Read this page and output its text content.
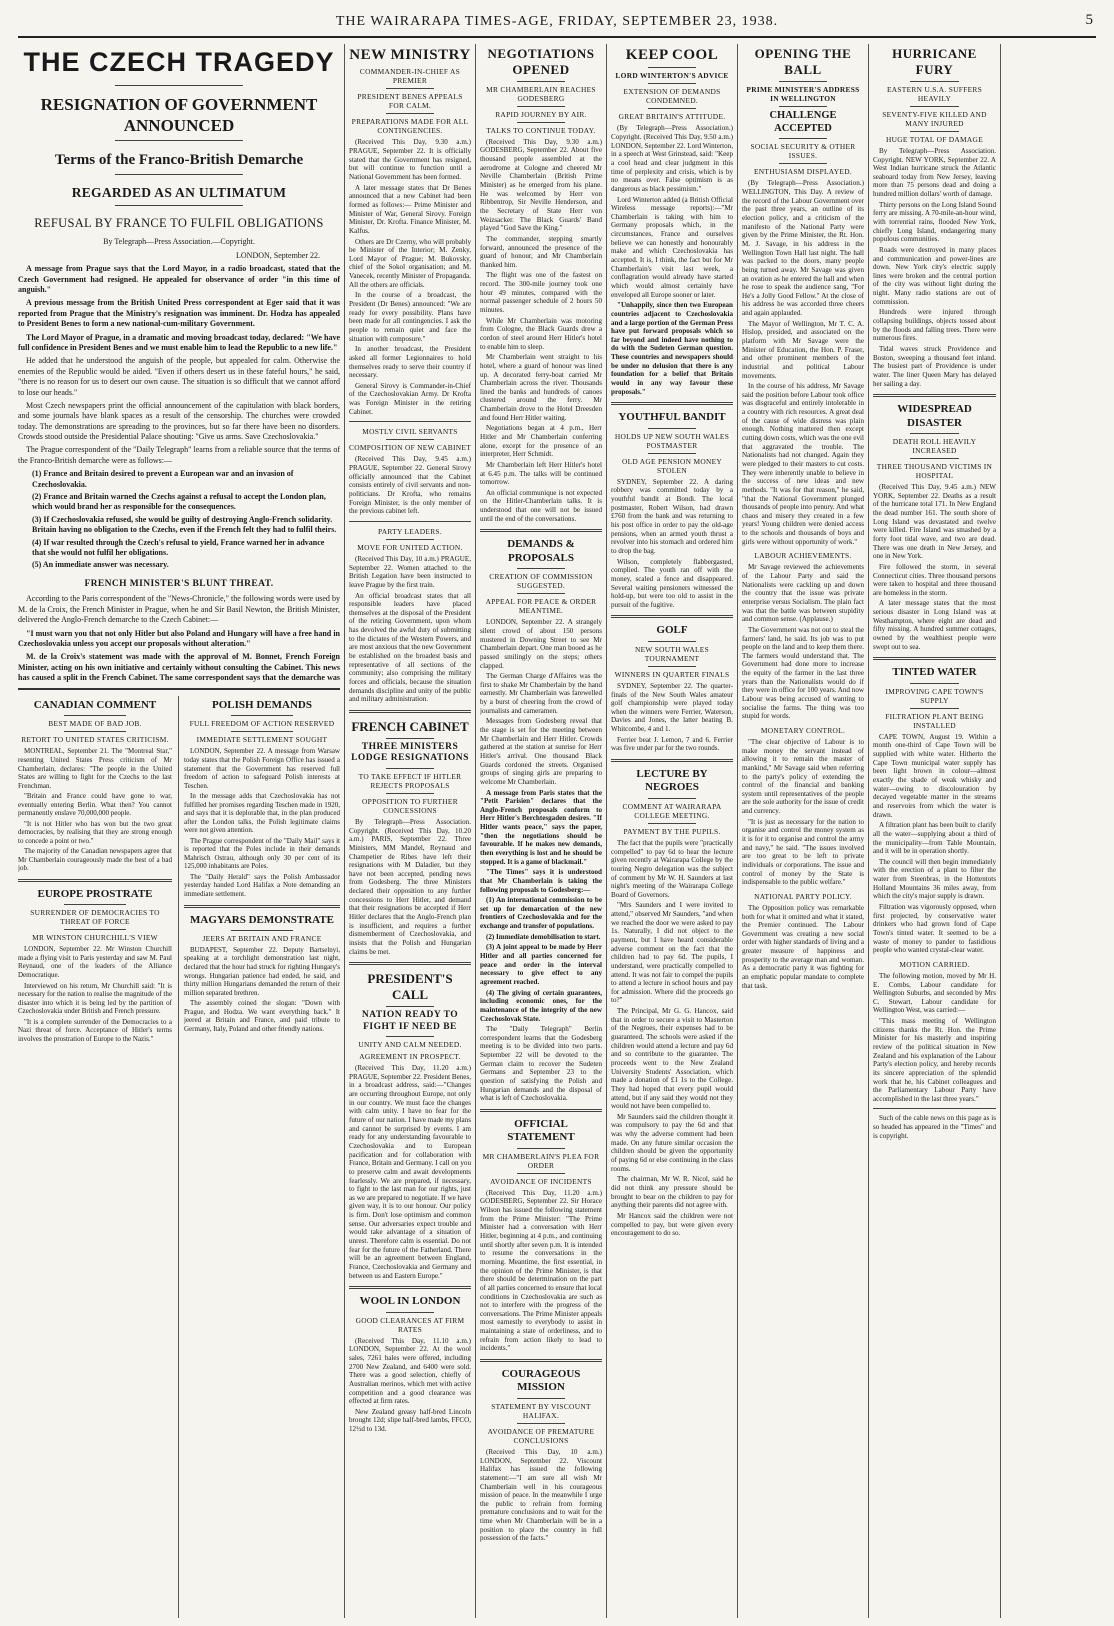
THE WAIRARAPA TIMES-AGE, FRIDAY, SEPTEMBER 23, 1938.	5
THE CZECH TRAGEDY
RESIGNATION OF GOVERNMENT ANNOUNCED
Terms of the Franco-British Demarche
REGARDED AS AN ULTIMATUM
REFUSAL BY FRANCE TO FULFIL OBLIGATIONS

By Telegraph—Press Association.—Copyright.

LONDON, September 22.

A message from Prague says that the Lord Mayor, in a radio broadcast, stated that the Czech Government had resigned. He appealed for observance of order "in this time of anguish."

A previous message from the British United Press correspondent at Eger said that it was reported from Prague that the Ministry's resignation was imminent. Dr. Hodza has appealed to President Benes to form a new national-cum-military Government.

The Lord Mayor of Prague, in a dramatic and moving broadcast today, declared: "We have full confidence in President Benes and we must enable him to lead the Republic to a new life."

He added that he understood the anguish of the people, but appealed for calm. Otherwise the enemies of the Republic would be aided. "Even if others desert us in these fateful hours," he said, "there is no reason for us to desert our own cause. The situation is so difficult that we cannot afford to lose our heads."

Most Czech newspapers print the official announcement of the capitulation with black borders, and some journals have blank spaces as a result of the censorship. The churches were crowded today. The demonstrations are spreading to the provinces, but so far there have been no disorders. Crowds stood outside the Presidential Palace shouting: "Give us arms. Save Czechoslovakia."

The Prague correspondent of the "Daily Telegraph" learns from a reliable source that the terms of the Franco-British demarche were as follows:—

(1) France and Britain desired to prevent a European war and an invasion of Czechoslovakia.
(2) France and Britain warned the Czechs against a refusal to accept the London plan, which would brand her as responsible for the consequences.
(3) If Czechoslovakia refused, she would be guilty of destroying Anglo-French solidarity. Britain having no obligation to the Czechs, even if the French felt they had to fulfil theirs.
(4) If war resulted through the Czech's refusal to yield, France warned her in advance that she would not fulfil her obligations.
(5) An immediate answer was necessary.
FRENCH MINISTER'S BLUNT THREAT.

According to the Paris correspondent of the "News-Chronicle," the following words were used by M. de la Croix, the French Minister in Prague, when he and Sir Basil Newton, the British Minister, delivered the Anglo-French demarche to the Czech Cabinet:—

"I must warn you that not only Hitler but also Poland and Hungary will have a free hand in Czechoslovakia unless you accept our proposals without alteration."

M. de la Croix's statement was made with the approval of M. Bonnet, French Foreign Minister, acting on his own initiative and certainly without consulting the Cabinet. This news has caused a split in the French Cabinet. The same correspondent says that the demarche was

CANADIAN COMMENT
BEST MADE OF BAD JOB.
RETORT TO UNITED STATES CRITICISM.

MONTREAL, September 21. The "Montreal Star," resenting United States Press criticism of Mr Chamberlain, declares: "The people in the United States are willing to fight for the Czechs to the last Frenchman.

"Britain and France could have gone to war, eventually entering Berlin. What then? You cannot permanently enslave 70,000,000 people.

"It is not Hitler who has won but the two great democracies, by realising that they are strong enough to concede a point or two."

The majority of the Canadian newspapers agree that Mr Chamberlain courageously made the best of a bad job.

EUROPE PROSTRATE
SURRENDER OF DEMOCRACIES TO THREAT OF FORCE
MR WINSTON CHURCHILL'S VIEW

LONDON, September 22. Mr Winston Churchill made a flying visit to Paris yesterday and saw M. Paul Reynaud, one of the leaders of the Alliance Democratique.

Interviewed on his return, Mr Churchill said: "It is necessary for the nation to realise the magnitude of the disaster into which it is being led by the partition of Czechoslovakia under British and French pressure.

"It is a complete surrender of the Democracies to a Nazi threat of force. Acceptance of Hitler's terms involves the prostration of Europe to the Nazis."

POLISH DEMANDS
FULL FREEDOM OF ACTION RESERVED
IMMEDIATE SETTLEMENT SOUGHT

LONDON, September 22. A message from Warsaw today states that the Polish Foreign Office has issued a statement that the Government has reserved full freedom of action to safeguard Polish interests at Teschen.

In the message adds that Czechoslovakia has not fulfilled her promises regarding Teschen made in 1920, and says that it is deplorable that, in the plan produced after the London talks, the Polish legitimate claims were not given attention.

The Prague correspondent of the "Daily Mail" says it is reported that the Poles include in their demands Mahrisch Ostrau, although only 30 per cent of its 125,000 inhabitants are Poles.

The "Daily Herald" says the Polish Ambassador yesterday handed Lord Halifax a Note demanding an immediate settlement.

MAGYARS DEMONSTRATE
JEERS AT BRITAIN AND FRANCE

BUDAPEST, September 22. Deputy Bartselnyi, speaking at a torchlight demonstration last night, declared that the hour had struck for righting Hungary's wrongs. Hungarian patience had ended, he said, and thirty million Hungarians demanded the return of their million separated brethren.

The assembly coined the slogan: "Down with Prague, and Hodza. We want everything back." It jeered at Britain and France, and paid tribute to Germany, Italy, Poland and other friendly nations.

NEW MINISTRY
COMMANDER-IN-CHIEF AS PREMIER
PRESIDENT BENES APPEALS FOR CALM.
PREPARATIONS MADE FOR ALL CONTINGENCIES.

(Received This Day, 9.30 a.m.) PRAGUE, September 22. It is officially stated that the Government has resigned, but will continue to function until a National Government has been formed.

A later message states that Dr Benes announced that a new Cabinet had been formed as follows:— Prime Minister and Minister of War, General Sirovy. Foreign Minister, Dr. Krofta. Finance Minister, M. Kalfus.

Others are Dr Czerny, who will probably be Minister of the Interior; M. Zenky, Lord Mayor of Prague; M. Bukovsky, chief of the Sokol organisation; and M. Vanecek, recently Minister of Propaganda. All the others are officials.

In the course of a broadcast, the President (Dr Benes) announced: "We are ready for every possibility. Plans have been made for all contingencies. I ask the people to remain quiet and face the situation with composure."

In another broadcast, the President asked all former Legionnaires to hold themselves ready to serve their country if necessary.

General Sirovy is Commander-in-Chief of the Czechoslovakian Army. Dr Krofta was Foreign Minister in the retiring Cabinet.

MOSTLY CIVIL SERVANTS
COMPOSITION OF NEW CABINET

(Received This Day, 9.45 a.m.) PRAGUE, September 22. General Sirovy officially announced that the Cabinet consists entirely of civil servants and non-politicians. Dr Krofta, who remains Foreign Minister, is the only member of the previous cabinet left.

PARTY LEADERS.
MOVE FOR UNITED ACTION.

(Received This Day, 10 a.m.) PRAGUE, September 22. Women attached to the British Legation have been instructed to leave Prague by the first train.

An official broadcast states that all responsible leaders have placed themselves at the disposal of the President of the retiring Government, upon whom has devolved the awful duty of submitting to the dictates of the Western Powers, and are most anxious that the new Government be established on the broadest basis and representative of all sections of the community; also comprising the military forces and officials, because the situation demands discipline and unity of the public and military administration.

FRENCH CABINET
THREE MINISTERS LODGE RESIGNATIONS
TO TAKE EFFECT IF HITLER REJECTS PROPOSALS
OPPOSITION TO FURTHER CONCESSIONS

By Telegraph—Press Association. Copyright. (Received This Day, 10.20 a.m.) PARIS, September 22. Three Ministers, MM Mandel, Reynaud and Champetier de Ribes have left their resignations with M Daladier, but they have not been accepted, pending news from Godesberg. The three Ministers declared their opposition to any further concessions to Herr Hitler, and demand that their resignations be accepted if Herr Hitler declares that the Anglo-French plan is insufficient, and requires a further dismemberment of Czechoslovakia, and insists that the Polish and Hungarian claims be met.

PRESIDENT'S CALL
NATION READY TO FIGHT IF NEED BE
UNITY AND CALM NEEDED.
AGREEMENT IN PROSPECT.

(Received This Day, 11.20 a.m.) PRAGUE, September 22. President Benes, in a broadcast address, said:—"Changes are occurring throughout Europe, not only in our country. We must face the changes with calm unity. I have no fear for the future of our nation. I have made my plans and cannot be surprised by events. I am ready for any understanding favourable to Czechoslovakia and to European pacification and for collaboration with France, Britain and Germany. I call on you to preserve calm and await developments fearlessly. We are prepared, if necessary, to fight to the last man for our rights, just as we are prepared to negotiate. If we have given way, it is to our honour. Our policy is firm. Don't lose optimism and common sense. Our adversaries expect trouble and would take advantage of a situation of unrest. Therefore calm is essential. Do not fear for the future of the Fatherland. There will be an agreement between England, France, Czechoslovakia and Germany and between us and Eastern Europe."

WOOL IN LONDON
GOOD CLEARANCES AT FIRM RATES

(Received This Day, 11.10 a.m.) LONDON, September 22. At the wool sales, 7261 bales were offered, including 2700 New Zealand, and 6400 were sold. There was a good selection, chiefly of Australian merinos, which met with active competition and a good clearance was effected at firm rates.

New Zealand greasy half-bred Lincoln brought 12d; slipe half-bred lambs, FFCO, 12½d to 13d.

NEGOTIATIONS OPENED
MR CHAMBERLAIN REACHES GODESBERG
RAPID JOURNEY BY AIR.
TALKS TO CONTINUE TODAY.

(Received This Day, 9.30 a.m.) GODESBERG, September 22. About five thousand people assembled at the aerodrome at Cologne and cheered Mr Neville Chamberlain (British Prime Minister) as he emerged from his plane. He was welcomed by Herr von Ribbentrop, Sir Neville Henderson, and the Secretary of State Herr von Weizsacker. The Black Guards' Band played "God Save the King."

The commander, stepping smartly forward, announced the presence of the guard of honour, and Mr Chamberlain thanked him.

The flight was one of the fastest on record. The 300-mile journey took one hour 49 minutes, compared with the normal passenger schedule of 2 hours 50 minutes.

While Mr Chamberlain was motoring from Cologne, the Black Guards drew a cordon of steel around Herr Hitler's hotel to enable him to sleep.

Mr Chamberlain went straight to his hotel, where a guard of honour was lined up. A decorated ferry-boat carried Mr Chamberlain across the river. Thousands lined the banks and hundreds of canoes clustered around the ferry. Mr Chamberlain drove to the Hotel Dreesden and found Herr Hitler waiting.

Negotiations began at 4 p.m., Herr Hitler and Mr Chamberlain conferring alone, except for the presence of an interpreter, Herr Schmidt.

Mr Chamberlain left Herr Hitler's hotel at 6.45 p.m. The talks will be continued tomorrow.

An official communique is not expected on the Hitler-Chamberlain talks. It is understood that one will not be issued until the end of the conversations.

DEMANDS & PROPOSALS
CREATION OF COMMISSION SUGGESTED.
APPEAL FOR PEACE & ORDER MEANTIME.

LONDON, September 22. A strangely silent crowd of about 150 persons mustered in Downing Street to see Mr Chamberlain depart. One man booed as he passed smilingly on the steps; others clapped.

The German Charge d'Affaires was the first to shake Mr Chamberlain by the hand earnestly. Mr Chamberlain was farewelled by a burst of cheering from the crowd of journalists and cameramen.

Messages from Godesberg reveal that the stage is set for the meeting between Mr Chamberlain and Herr Hitler. Crowds gathered at the station at sunrise for Herr Hitler's arrival. One thousand Black Guards cordoned the streets. Organised groups of singing girls are preparing to welcome Mr Chamberlain.

A message from Paris states that the "Petit Parisien" declares that the Anglo-French proposals conform to Herr Hitler's Berchtesgaden desires. "If Hitler wants peace," says the paper, "then the negotiations should be favourable. If he makes new demands, then everything is lost and he should be stopped. It is a game of blackmail."

"The Times" says it is understood that Mr Chamberlain is taking the following proposals to Godesberg:—

(1) An international commission to be set up for demarcation of the new frontiers of Czechoslovakia and for the exchange and transfer of populations.

(2) Immediate demobilisation to start.

(3) A joint appeal to be made by Herr Hitler and all parties concerned for peace and order in the interval necessary to give effect to any agreement reached.

(4) The giving of certain guarantees, including economic ones, for the maintenance of the integrity of the new Czechoslovak State.

The "Daily Telegraph" Berlin correspondent learns that the Godesberg meeting is to be divided into two parts. September 22 will be devoted to the German claim to recover the Sudeten Germans and September 23 to the question of satisfying the Polish and Hungarian demands and the disposal of what is left of Czechoslovakia.

OFFICIAL STATEMENT
MR CHAMBERLAIN'S PLEA FOR ORDER
AVOIDANCE OF INCIDENTS

(Received This Day, 11.20 a.m.) GODESBERG, September 22. Sir Horace Wilson has issued the following statement from the Prime Minister: "The Prime Minister had a conversation with Herr Hitler, beginning at 4 p.m., and continuing until shortly after seven p.m. It is intended to resume the conversations in the morning. Meantime, the first essential, in the opinion of the Prime Minister, is that there should be determination on the part of all parties concerned to ensure that local conditions in Czechoslovakia are such as not to interfere with the progress of the conversations. The Prime Minister appeals most earnestly to everybody to assist in maintaining a state of orderliness, and to refrain from action likely to lead to incidents."

COURAGEOUS MISSION
STATEMENT BY VISCOUNT HALIFAX.
AVOIDANCE OF PREMATURE CONCLUSIONS

(Received This Day, 10 a.m.) LONDON, September 22. Viscount Halifax has issued the following statement:—"I am sure all wish Mr Chamberlain well in his courageous mission of peace. In the meanwhile I urge the public to refrain from forming premature conclusions and to wait for the time when Mr Chamberlain will be in a position to place the country in full possession of the facts."

KEEP COOL
LORD WINTERTON'S ADVICE
EXTENSION OF DEMANDS CONDEMNED.
GREAT BRITAIN'S ATTITUDE.

(By Telegraph—Press Association.) Copyright. (Received This Day, 9.50 a.m.) LONDON, September 22. Lord Winterton, in a speech at West Grinstead, said: "Keep a cool head and clear judgment in this time of perplexity and crisis, which is by no means over. False optimism is as dangerous as black pessimism."

Lord Winterton added (a British Official Wireless message reports):—"Mr Chamberlain is taking with him to Germany proposals which, in the circumstances, France and ourselves believe we can honestly and honourably make and which Czechoslovakia has accepted. It is, I think, the fact but for Mr Chamberlain's visit last week, a conflagration would already have started which would almost certainly have enveloped all Europe sooner or later.

"Unhappily, since then two European countries adjacent to Czechoslovakia and a large portion of the German Press have put forward proposals which so far beyond and indeed have nothing to do with the Sudeten German question. These countries and newspapers should be under no delusion that there is any foundation for a belief that Britain would in any way favour these proposals."

YOUTHFUL BANDIT
HOLDS UP NEW SOUTH WALES POSTMASTER
OLD AGE PENSION MONEY STOLEN

SYDNEY, September 22. A daring robbery was committed today by a youthful bandit at Bondi. The local postmaster, Robert Wilson, had drawn £760 from the bank and was returning to his post office in order to pay the old-age pensions, when an armed youth thrust a revolver into his stomach and ordered him to drop the bag.

Wilson, completely flabbergasted, complied. The youth ran off with the money, scaled a fence and disappeared. Several waiting pensioners witnessed the hold-up, but were too old to assist in the pursuit of the fugitive.

GOLF
NEW SOUTH WALES TOURNAMENT
WINNERS IN QUARTER FINALS

SYDNEY, September 22. The quarter-finals of the New South Wales amateur golf championship were played today when the winners were Ferrier, Waterson, Davies and Jones, the latter beating B. Whitcombe, 4 and 1.

Ferrier beat J. Lemon, 7 and 6. Ferrier was five under par for the two rounds.

LECTURE BY NEGROES
COMMENT AT WAIRARAPA COLLEGE MEETING.
PAYMENT BY THE PUPILS.

The fact that the pupils were "practically compelled" to pay 6d to hear the lecture given recently at Wairarapa College by the touring Negro delegation was the subject of comment by Mr W. H. Saunders at last night's meeting of the Wairarapa College Board of Governors.

"Mrs Saunders and I were invited to attend," observed Mr Saunders, "and when we reached the door we were asked to pay 1s. Naturally, I did not object to the payment, but I have heard considerable adverse comment on the fact that the children had to pay 6d. The pupils, I understand, were practically compelled to attend. It was not fair to compel the pupils to attend a lecture in school hours and pay for admission. Where did the proceeds go to?"

The Principal, Mr G. G. Hancox, said that in order to secure a visit to Masterton of the Negroes, their expenses had to be guaranteed. The schools were asked if the children would attend a lecture and pay 6d and so contribute to the guarantee. The proceeds went to the New Zealand University Students' Association, which made a donation of £1 1s to the College. They had hoped that every pupil would attend, but if any said they would not they would not have been compelled to.

Mr Saunders said the children thought it was compulsory to pay the 6d and that was why the adverse comment had been made. On any future similar occasion the children should be given the opportunity of paying 6d or else continuing in the class rooms.

The chairman, Mr W. R. Nicol, said he did not think any pressure should be brought to bear on the children to pay for anything their parents did not agree with.

Mr Hancox said the children were not compelled to pay, but were given every encouragement to do so.

OPENING THE BALL
PRIME MINISTER'S ADDRESS IN WELLINGTON
CHALLENGE ACCEPTED
SOCIAL SECURITY & OTHER ISSUES.
ENTHUSIASM DISPLAYED.

(By Telegraph—Press Association.) WELLINGTON, This Day. A review of the record of the Labour Government over the past three years, an outline of its election policy, and a criticism of the manifesto of the National Party were given by the Prime Minister, the Rt. Hon. M. J. Savage, in his address in the Wellington Town Hall last night. The hall was packed to the doors, many people being turned away. Mr Savage was given an ovation as he entered the hall and when he rose to speak the audience sang, "For He's a Jolly Good Fellow." At the close of his address he was accorded three cheers and again applauded.

The Mayor of Wellington, Mr T. C. A. Hislop, presided, and associated on the platform with Mr Savage were the Minister of Education, the Hon. P. Fraser, and other prominent members of the industrial and political Labour movements.

In the course of his address, Mr Savage said the position before Labour took office was disgraceful and entirely intolerable in a country with rich resources. A great deal of the cause of wide distress was plain enough. Nothing mattered then except cutting down costs, which was the one evil that aggravated the trouble. The Nationalists had not changed. Again they were pledged to their masters to cut costs. They were inherently unable to believe in the success of new ideas and new methods. "It was for that reason," he said, "that the National Government plunged thousands of people into penury. And what chaos and misery they created in a few years! Young children were denied access to the schools and thousands of boys and girls were without opportunity of work."

LABOUR ACHIEVEMENTS.

Mr Savage reviewed the achievements of the Labour Party and said the Nationalists were cackling up and down the country that the issue was private enterprise versus Socialism. The plain fact was that the battle was between stupidity and common sense. (Applause.)

The Government was not out to steal the farmers' land, he said. Its job was to put people on the land and to keep them there. The farmers would understand that. The Government had done more to increase the equity of the farmer in the last three years than the Nationalists would do if they were in office for 100 years. And now Labour was being accused of wanting to socialise the farms. The thing was too stupid for words.

MONETARY CONTROL.

"The clear objective of Labour is to make money the servant instead of allowing it to remain the master of mankind," Mr Savage said when referring to the party's policy of extending the control of the financial and banking system until representatives of the people are the sole authority for the issue of credit and currency.

"It is just as necessary for the nation to organise and control the money system as it is for it to organise and control the army and navy," he said. "The issues involved are too great to be left to private individuals or corporations. The issue and control of money by the State is indispensable to the public welfare."

NATIONAL PARTY POLICY.

The Opposition policy was remarkable both for what it omitted and what it stated, the Premier continued. The Labour Government was creating a new social order with higher standards of living and a greater measure of happiness and prosperity to the average man and woman. As a democratic party it was fighting for an emphatic popular mandate to complete that task.

HURRICANE FURY
EASTERN U.S.A. SUFFERS HEAVILY
SEVENTY-FIVE KILLED AND MANY INJURED
HUGE TOTAL OF DAMAGE

By Telegraph—Press Association. Copyright. NEW YORK, September 22. A West Indian hurricane struck the Atlantic seaboard today from New Jersey, leaving more than 75 persons dead and doing a hundred million dollars' worth of damage.

Thirty persons on the Long Island Sound ferry are missing. A 70-mile-an-hour wind, with torrential rains, flooded New York, chiefly Long Island, endangering many populous communities.

Roads were destroyed in many places and communication and power-lines are down. New York city's electric supply lines were broken and the central portion of the city was without light during the night. Many radio stations are out of commission.

Hundreds were injured through collapsing buildings, objects tossed about by the floods and falling trees. There were numerous fires.

Tidal waves struck Providence and Boston, sweeping a thousand feet inland. The busiest part of Providence is under water. The liner Queen Mary has delayed her sailing a day.

WIDESPREAD DISASTER
DEATH ROLL HEAVILY INCREASED
THREE THOUSAND VICTIMS IN HOSPITAL

(Received This Day, 9.45 a.m.) NEW YORK, September 22. Deaths as a result of the hurricane total 171. In New England the dead number 161. The south shore of Long Island was devastated and twelve were killed. Fire Island was smashed by a forty foot tidal wave, and two are dead. There was one death in New Jersey, and one in New York.

Fire followed the storm, in several Connecticut cities. Three thousand persons were taken to hospital and three thousand are homeless in the storm.

A later message states that the most serious disaster in Long Island was at Westhampton, where eight are dead and fifty missing. A hundred summer cottages, owned by the wealthiest people were swept out to sea.

TINTED WATER
IMPROVING CAPE TOWN'S SUPPLY
FILTRATION PLANT BEING INSTALLED

CAPE TOWN, August 19. Within a month one-third of Cape Town will be supplied with white water. Hitherto the Cape Town municipal water supply has been light brown in colour—almost exactly the shade of weak whisky and water—owing to discolouration by decayed vegetable matter in the streams and reservoirs from which the water is drawn.

A filtration plant has been built to clarify all the water—supplying about a third of the municipality—from Table Mountain, and it will be in operation shortly.

The council will then begin immediately with the erection of a plant to filter the water from Steenbras, in the Hottentots Holland Mountains 36 miles away, from which the city's major supply is drawn.

Filtration was vigorously opposed, when first projected, by conservative water drinkers who had grown fond of Cape Town's tinted water. It seemed to be a waste of money to pander to fastidious people who wanted crystal-clear water.

MOTION CARRIED.

The following motion, moved by Mr H. E. Combs, Labour candidate for Wellington Suburbs, and seconded by Mrs C. Stewart, Labour candidate for Wellington West, was carried:—

"This mass meeting of Wellington citizens thanks the Rt. Hon. the Prime Minister for his masterly and inspiring review of the political situation in New Zealand and his explanation of the Labour Party's election policy, and hereby records its sincere appreciation of the splendid work that he, his Cabinet colleagues and the Parliamentary Labour Party have accomplished in the last three years."

Such of the cable news on this page as is so headed has appeared in the "Times" and is copyright.
